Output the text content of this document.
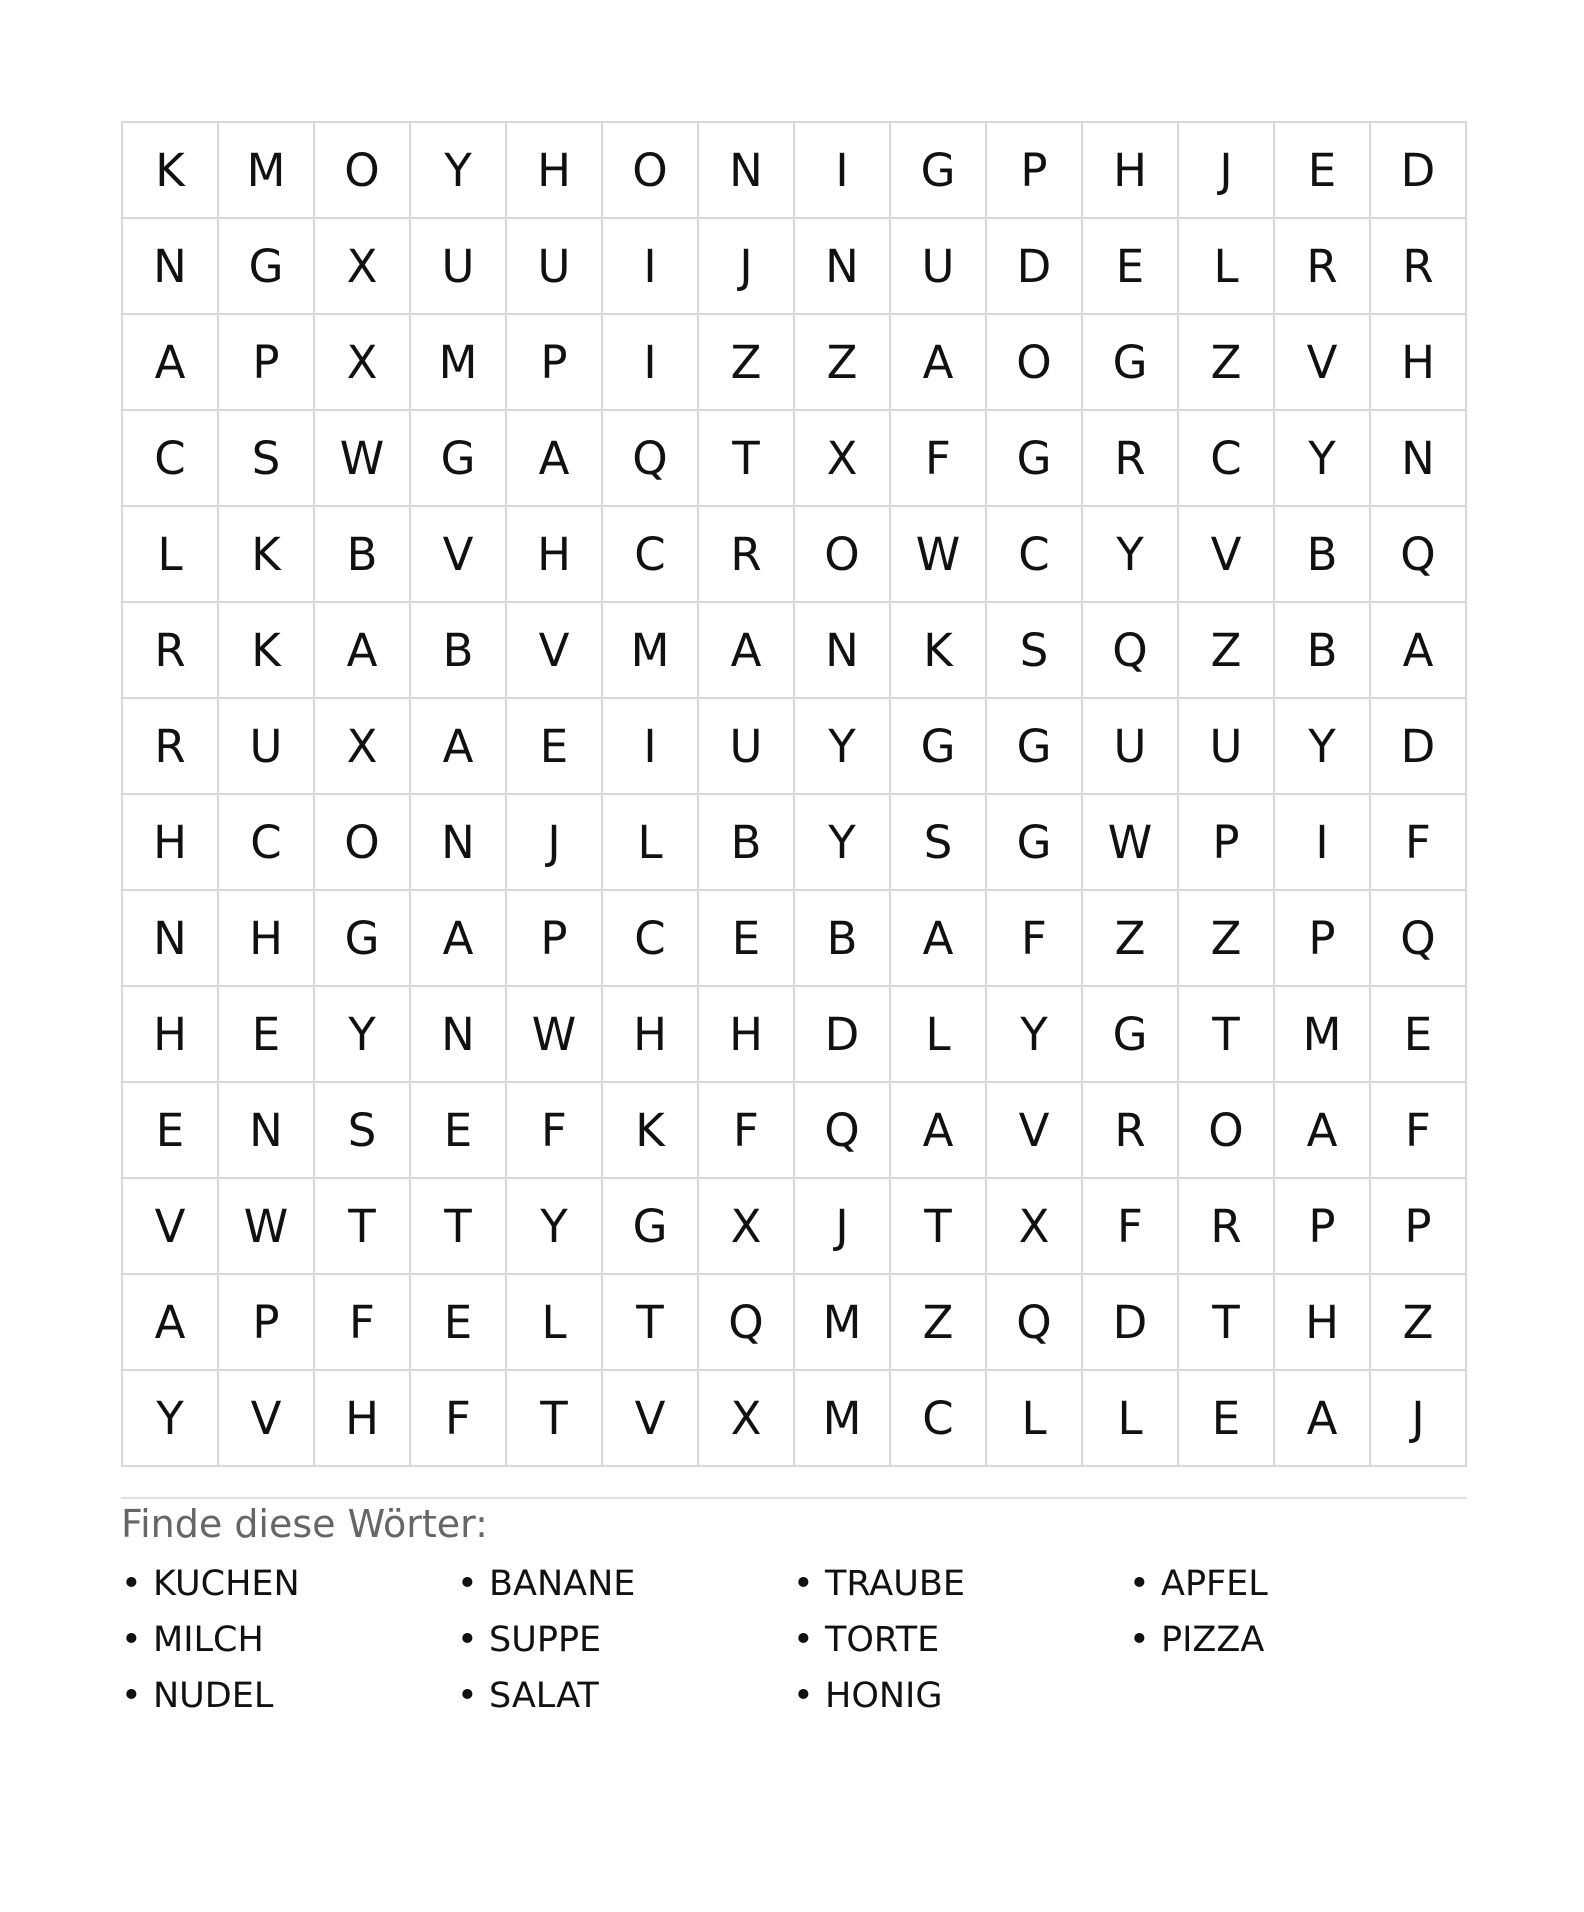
K	M	O	Y	H	O	N	I	G	P	H	J	E	D
N	G	X	U	U	I	J	N	U	D	E	L	R	R
A	P	X	M	P	I	Z	Z	A	O	G	Z	V	H
C	S	W	G	A	Q	T	X	F	G	R	C	Y	N
L	K	B	V	H	C	R	O	W	C	Y	V	B	Q
R	K	A	B	V	M	A	N	K	S	Q	Z	B	A
R	U	X	A	E	I	U	Y	G	G	U	U	Y	D
H	C	O	N	J	L	B	Y	S	G	W	P	I	F
N	H	G	A	P	C	E	B	A	F	Z	Z	P	Q
H	E	Y	N	W	H	H	D	L	Y	G	T	M	E
E	N	S	E	F	K	F	Q	A	V	R	O	A	F
V	W	T	T	Y	G	X	J	T	X	F	R	P	P
A	P	F	E	L	T	Q	M	Z	Q	D	T	H	Z
Y	V	H	F	T	V	X	M	C	L	L	E	A	J

Finde diese Wörter:

• KUCHEN	• BANANE	• TRAUBE	• APFEL
• MILCH	• SUPPE	• TORTE	• PIZZA
• NUDEL	• SALAT	• HONIG
